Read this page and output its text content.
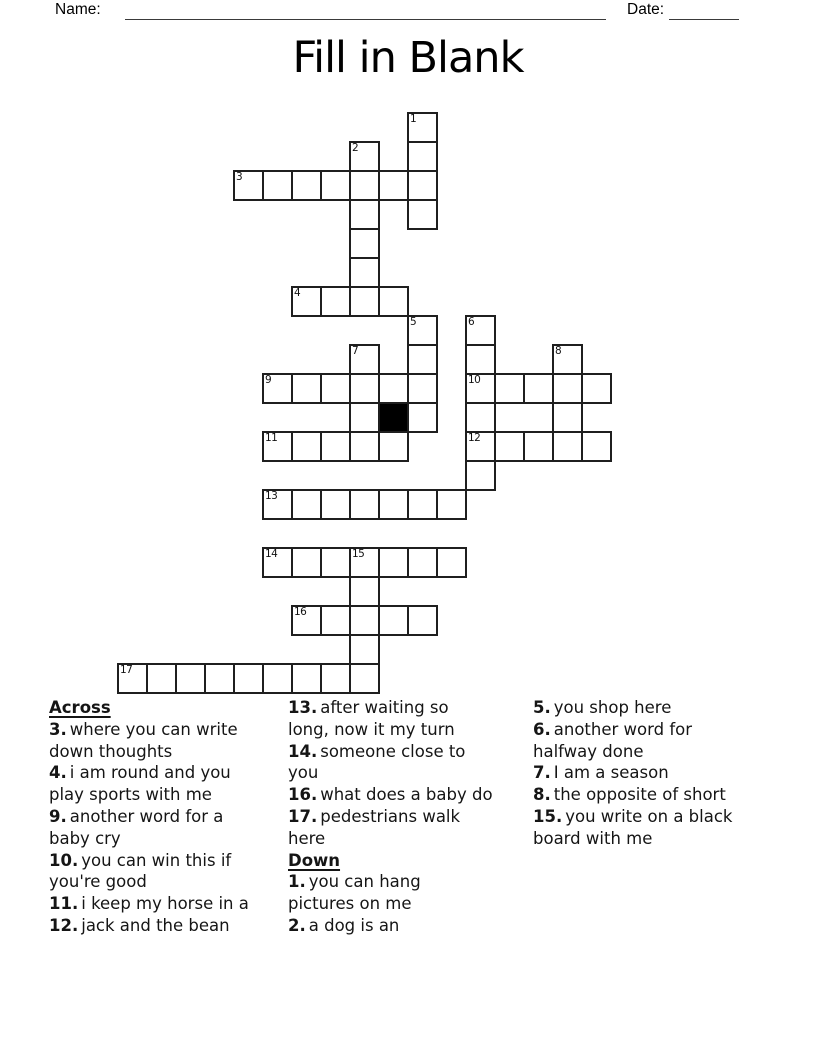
Name:	Date:
Fill in Blank
1
2
3
4
5	6
7	8
9	10
11	12
13
14	15
16
17
Across
3. where you can write
down thoughts
4. i am round and you
play sports with me
9. another word for a
baby cry
10. you can win this if
you're good
11. i keep my horse in a
12. jack and the bean
13. after waiting so
long, now it my turn
14. someone close to
you
16. what does a baby do
17. pedestrians walk
here
Down
1. you can hang
pictures on me
2. a dog is an
5. you shop here
6. another word for
halfway done
7. I am a season
8. the opposite of short
15. you write on a black
board with me
